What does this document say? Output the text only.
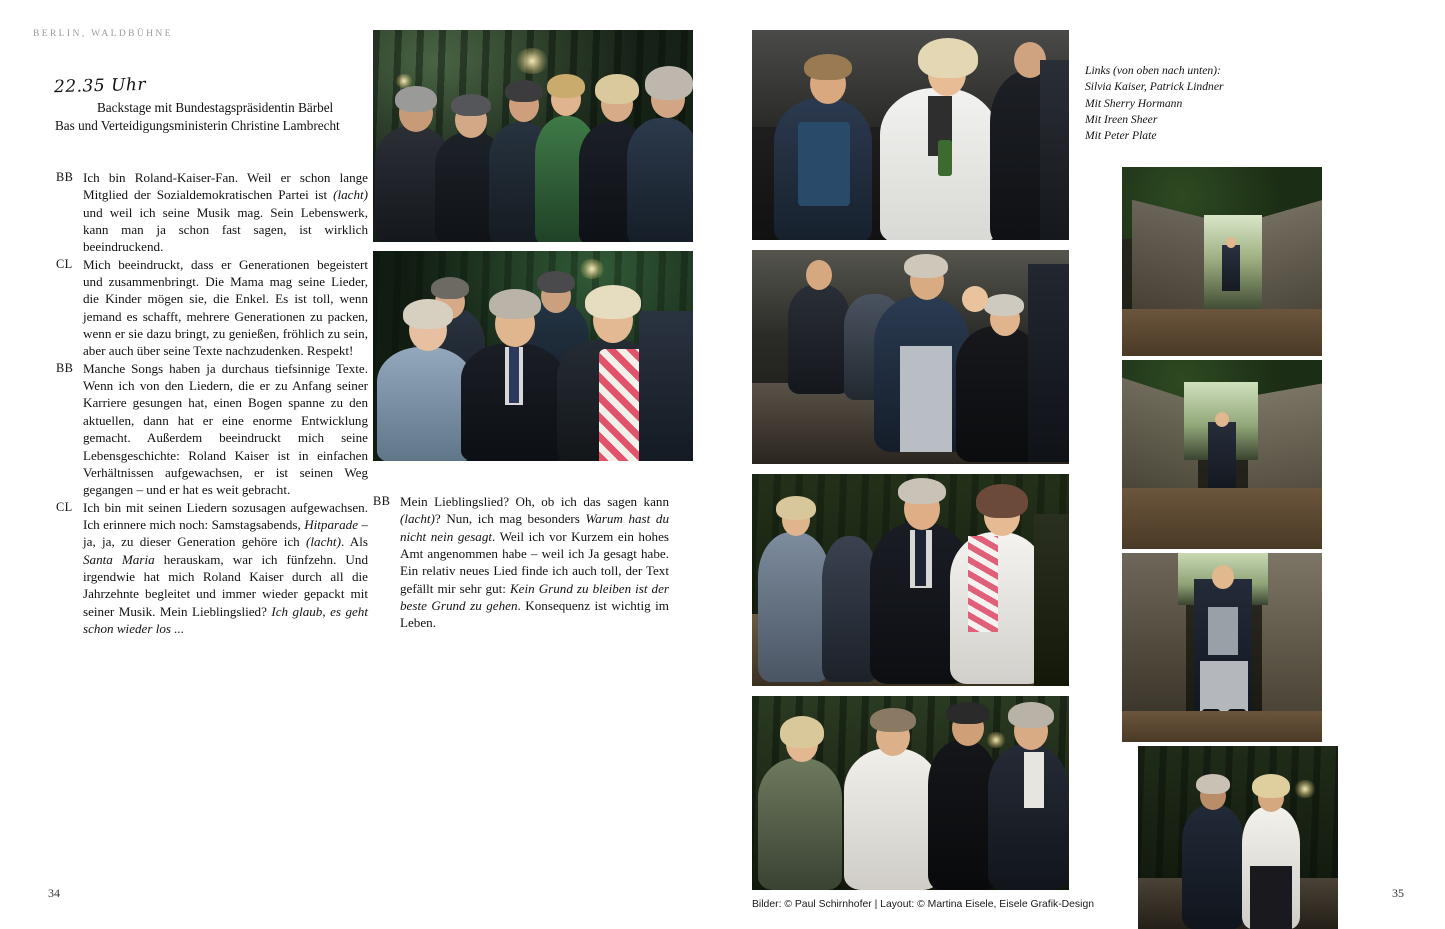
BERLIN, WALDBÜHNE
22.35 Uhr
Backstage mit Bundestagspräsidentin Bärbel Bas und Verteidigungsministerin Christine Lambrecht
BB Ich bin Roland-Kaiser-Fan. Weil er schon lange Mitglied der Sozialdemokratischen Partei ist (lacht) und weil ich seine Musik mag. Sein Lebenswerk, kann man ja schon fast sagen, ist wirklich beeindruckend.
CL Mich beeindruckt, dass er Generationen begeistert und zusammenbringt. Die Mama mag seine Lieder, die Kinder mögen sie, die Enkel. Es ist toll, wenn jemand es schafft, mehrere Generationen zu packen, wenn er sie dazu bringt, zu genießen, fröhlich zu sein, aber auch über seine Texte nachzudenken. Respekt!
BB Manche Songs haben ja durchaus tiefsinnige Texte. Wenn ich von den Liedern, die er zu Anfang seiner Karriere gesungen hat, einen Bogen spanne zu den aktuellen, dann hat er eine enorme Entwicklung gemacht. Außerdem beeindruckt mich seine Lebensgeschichte: Roland Kaiser ist in einfachen Verhältnissen aufgewachsen, er ist seinen Weg gegangen – und er hat es weit gebracht.
CL Ich bin mit seinen Liedern sozusagen aufgewachsen. Ich erinnere mich noch: Samstagsabends, Hitparade – ja, ja, zu dieser Generation gehöre ich (lacht). Als Santa Maria herauskam, war ich fünfzehn. Und irgendwie hat mich Roland Kaiser durch all die Jahrzehnte begleitet und immer wieder gepackt mit seiner Musik. Mein Lieblingslied? Ich glaub, es geht schon wieder los ...
BB Mein Lieblingslied? Oh, ob ich das sagen kann (lacht)? Nun, ich mag besonders Warum hast du nicht nein gesagt. Weil ich vor Kurzem ein hohes Amt angenommen habe – weil ich Ja gesagt habe. Ein relativ neues Lied finde ich auch toll, der Text gefällt mir sehr gut: Kein Grund zu bleiben ist der beste Grund zu gehen. Konsequenz ist wichtig im Leben.
34
Links (von oben nach unten):
Silvia Kaiser, Patrick Lindner
Mit Sherry Hormann
Mit Ireen Sheer
Mit Peter Plate
Bilder: © Paul Schirnhofer | Layout: © Martina Eisele, Eisele Grafik-Design
35
